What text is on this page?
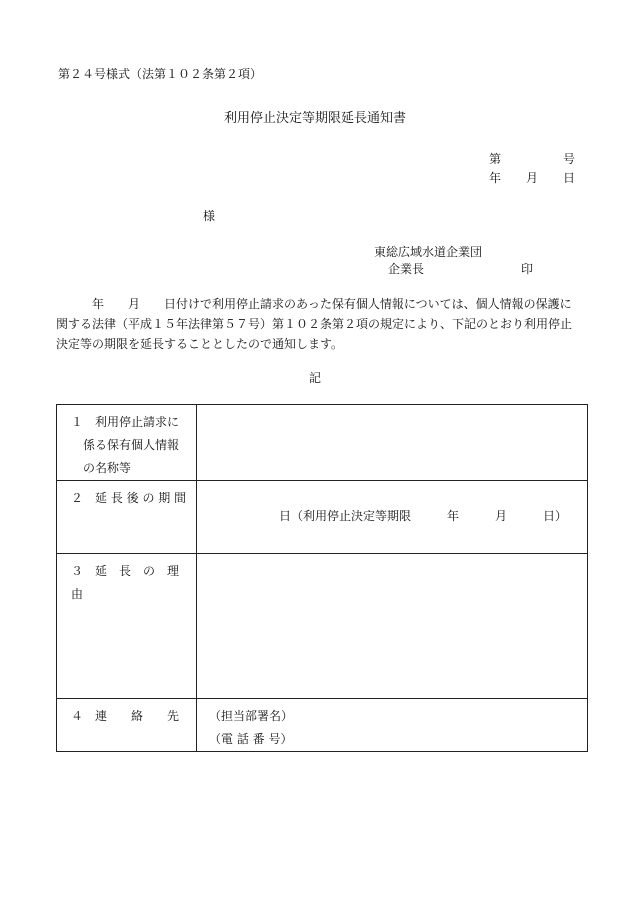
第２４号様式（法第１０２条第２項）
利用停止決定等期限延長通知書
第	号
年 月 日
様
東総広域水道企業団
企業長	印

年　　月　　日付けで利用停止請求のあった保有個人情報については、個人情報の保護に

関する法律（平成１５年法律第５７号）第１０２条第２項の規定により、下記のとおり利用停止

決定等の期限を延長することとしたので通知します。

記
１　利用停止請求に
係る保有個人情報
の名称等	

２　延 長 後 の 期 間	日（利用停止決定等期限　　　年　　　月　　　日）

３　延　長　の　理　由	

４　連　　絡　　先	（担当部署名）
（電 話 番 号）
